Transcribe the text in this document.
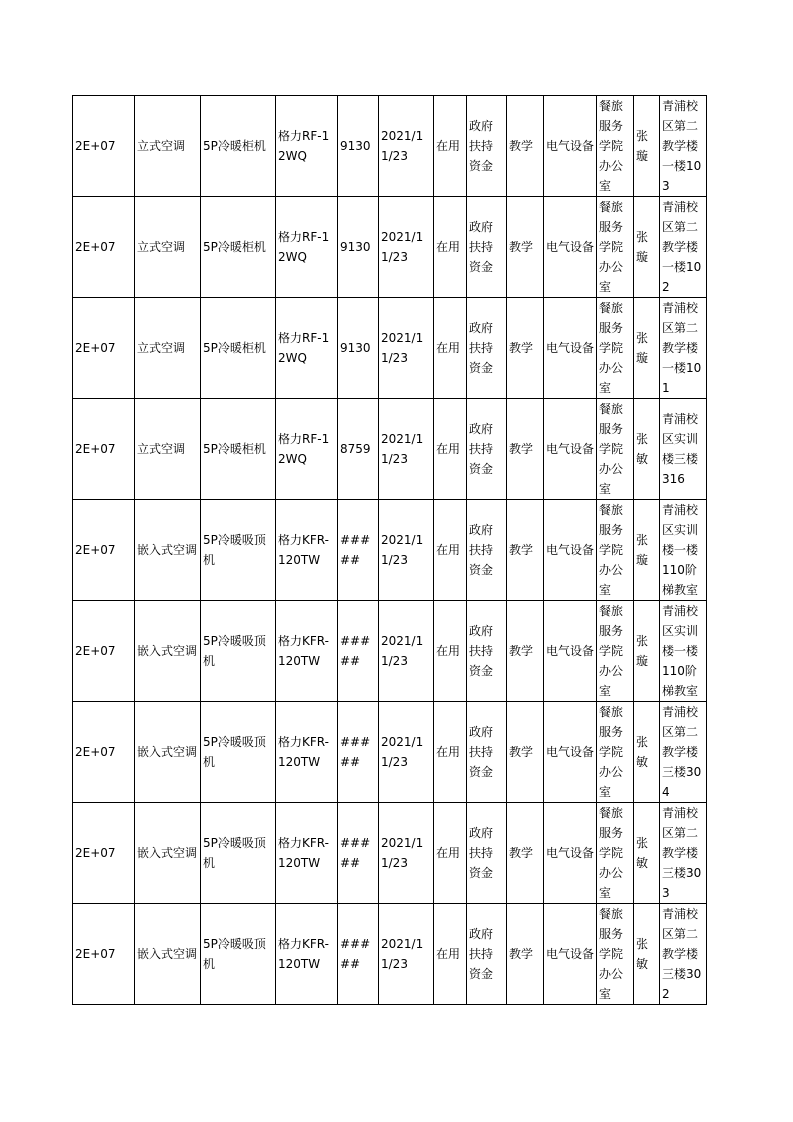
2E+07	立式空调	5P冷暖柜机	格力RF-12WQ	9130	2021/11/23	在用	政府扶持资金	教学	电气设备	餐旅服务学院办公室	张璇	青浦校区第二教学楼一楼103
2E+07	立式空调	5P冷暖柜机	格力RF-12WQ	9130	2021/11/23	在用	政府扶持资金	教学	电气设备	餐旅服务学院办公室	张璇	青浦校区第二教学楼一楼102
2E+07	立式空调	5P冷暖柜机	格力RF-12WQ	9130	2021/11/23	在用	政府扶持资金	教学	电气设备	餐旅服务学院办公室	张璇	青浦校区第二教学楼一楼101
2E+07	立式空调	5P冷暖柜机	格力RF-12WQ	8759	2021/11/23	在用	政府扶持资金	教学	电气设备	餐旅服务学院办公室	张敏	青浦校区实训楼三楼316
2E+07	嵌入式空调	5P冷暖吸顶机	格力KFR-120TW	#####	2021/11/23	在用	政府扶持资金	教学	电气设备	餐旅服务学院办公室	张璇	青浦校区实训楼一楼110阶梯教室
2E+07	嵌入式空调	5P冷暖吸顶机	格力KFR-120TW	#####	2021/11/23	在用	政府扶持资金	教学	电气设备	餐旅服务学院办公室	张璇	青浦校区实训楼一楼110阶梯教室
2E+07	嵌入式空调	5P冷暖吸顶机	格力KFR-120TW	#####	2021/11/23	在用	政府扶持资金	教学	电气设备	餐旅服务学院办公室	张敏	青浦校区第二教学楼三楼304
2E+07	嵌入式空调	5P冷暖吸顶机	格力KFR-120TW	#####	2021/11/23	在用	政府扶持资金	教学	电气设备	餐旅服务学院办公室	张敏	青浦校区第二教学楼三楼303
2E+07	嵌入式空调	5P冷暖吸顶机	格力KFR-120TW	#####	2021/11/23	在用	政府扶持资金	教学	电气设备	餐旅服务学院办公室	张敏	青浦校区第二教学楼三楼302
